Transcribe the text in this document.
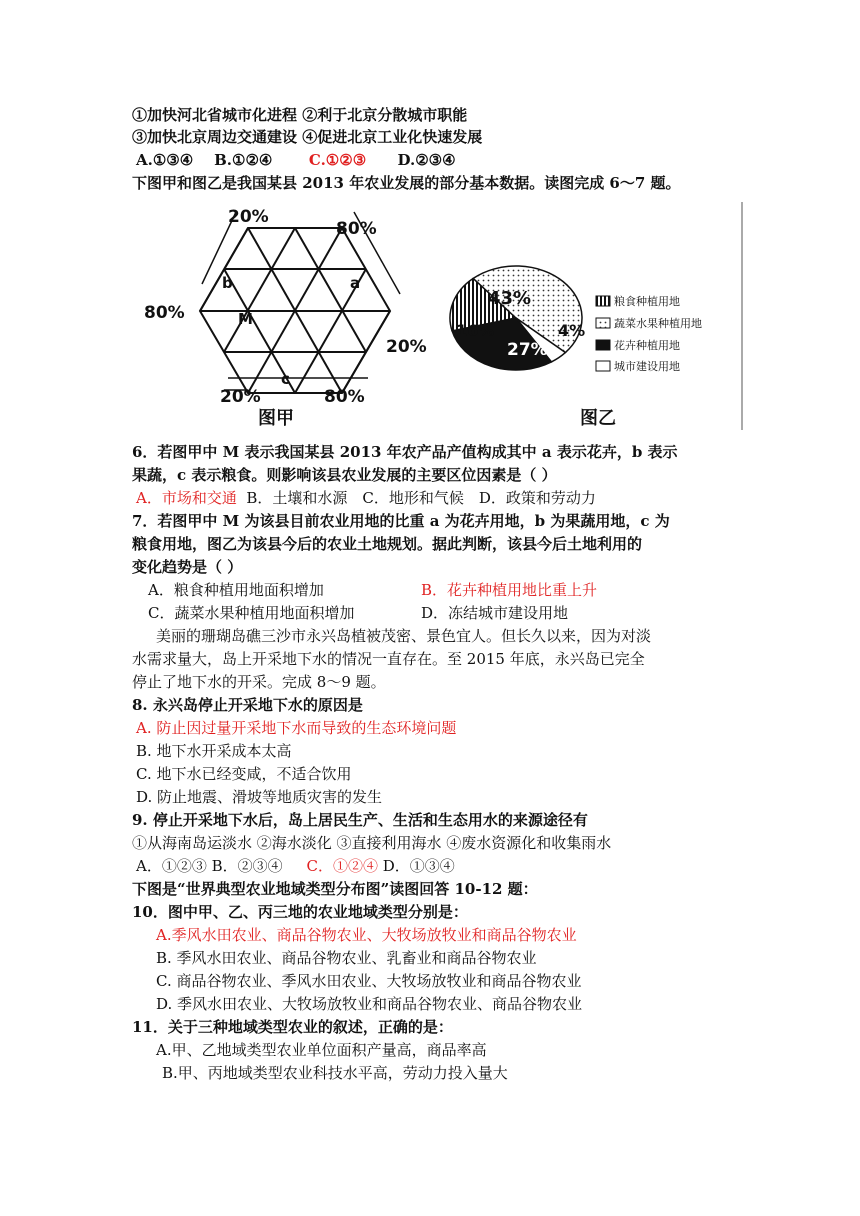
①加快河北省城市化进程 ②利于北京分散城市职能
③加快北京周边交通建设 ④促进北京工业化快速发展
A.①③④ B.①②④ C.①②③ D.②③④
下图甲和图乙是我国某县 2013 年农业发展的部分基本数据。读图完成 6～7 题。
20%
80%
80%
20%
20%	80%
b	a
c
M
图甲
16%
43%
4%
27%
图乙
粮食种植用地
蔬菜水果种植用地
花卉种植用地
城市建设用地
6．若图甲中 M 表示我国某县 2013 年农产品产值构成其中 a 表示花卉，b 表示
果蔬，c 表示粮食。则影响该县农业发展的主要区位因素是（ ）
A．市场和交通 B．土壤和水源　C．地形和气候　D．政策和劳动力
7．若图甲中 M 为该县目前农业用地的比重 a 为花卉用地，b 为果蔬用地，c 为
粮食用地，图乙为该县今后的农业土地规划。据此判断，该县今后土地利用的
变化趋势是（ ）
A．粮食种植用地面积增加	B．花卉种植用地比重上升
C．蔬菜水果种植用地面积增加	D．冻结城市建设用地
美丽的珊瑚岛礁三沙市永兴岛植被茂密、景色宜人。但长久以来，因为对淡
水需求量大，岛上开采地下水的情况一直存在。至 2015 年底，永兴岛已完全
停止了地下水的开采。完成 8～9 题。
8. 永兴岛停止开采地下水的原因是
A. 防止因过量开采地下水而导致的生态环境问题
B. 地下水开采成本太高
C. 地下水已经变咸，不适合饮用
D. 防止地震、滑坡等地质灾害的发生
9. 停止开采地下水后，岛上居民生产、生活和生态用水的来源途径有
①从海南岛运淡水 ②海水淡化 ③直接利用海水 ④废水资源化和收集雨水
A．①②③ B．②③④ C．①②④ D．①③④
下图是“世界典型农业地域类型分布图”读图回答 10-12 题：
10．图中甲、乙、丙三地的农业地域类型分别是：
A.季风水田农业、商品谷物农业、大牧场放牧业和商品谷物农业
B. 季风水田农业、商品谷物农业、乳畜业和商品谷物农业
C. 商品谷物农业、季风水田农业、大牧场放牧业和商品谷物农业
D. 季风水田农业、大牧场放牧业和商品谷物农业、商品谷物农业
11．关于三种地域类型农业的叙述，正确的是：
A.甲、乙地域类型农业单位面积产量高，商品率高
B.甲、丙地域类型农业科技水平高，劳动力投入量大
